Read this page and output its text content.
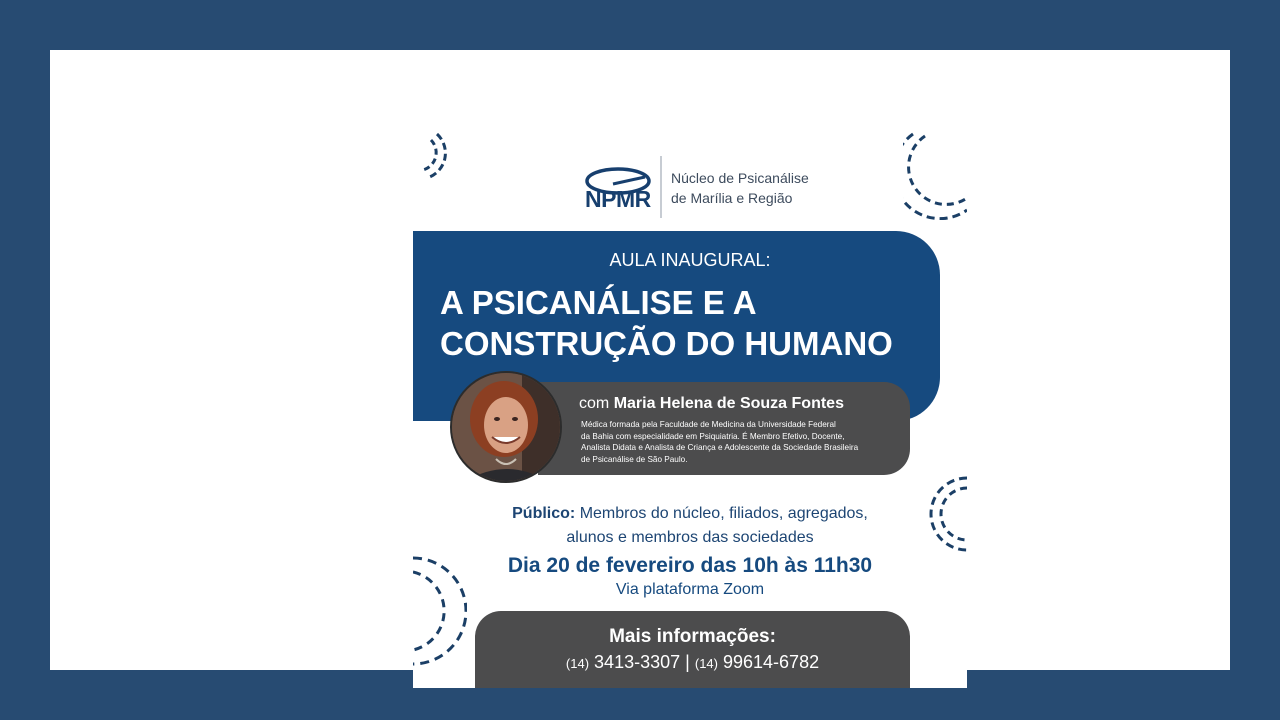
NPMR
Núcleo de Psicanálise
de Marília e Região
AULA INAUGURAL:
A PSICANÁLISE E A
CONSTRUÇÃO DO HUMANO
com Maria Helena de Souza Fontes
Médica formada pela Faculdade de Medicina da Universidade Federal
da Bahia com especialidade em Psiquiatria. É Membro Efetivo, Docente,
Analista Didata e Analista de Criança e Adolescente da Sociedade Brasileira
de Psicanálise de São Paulo.
Público: Membros do núcleo, filiados, agregados,
alunos e membros das sociedades
Dia 20 de fevereiro das 10h às 11h30
Via plataforma Zoom
Mais informações:
(14) 3413-3307 | (14) 99614-6782
